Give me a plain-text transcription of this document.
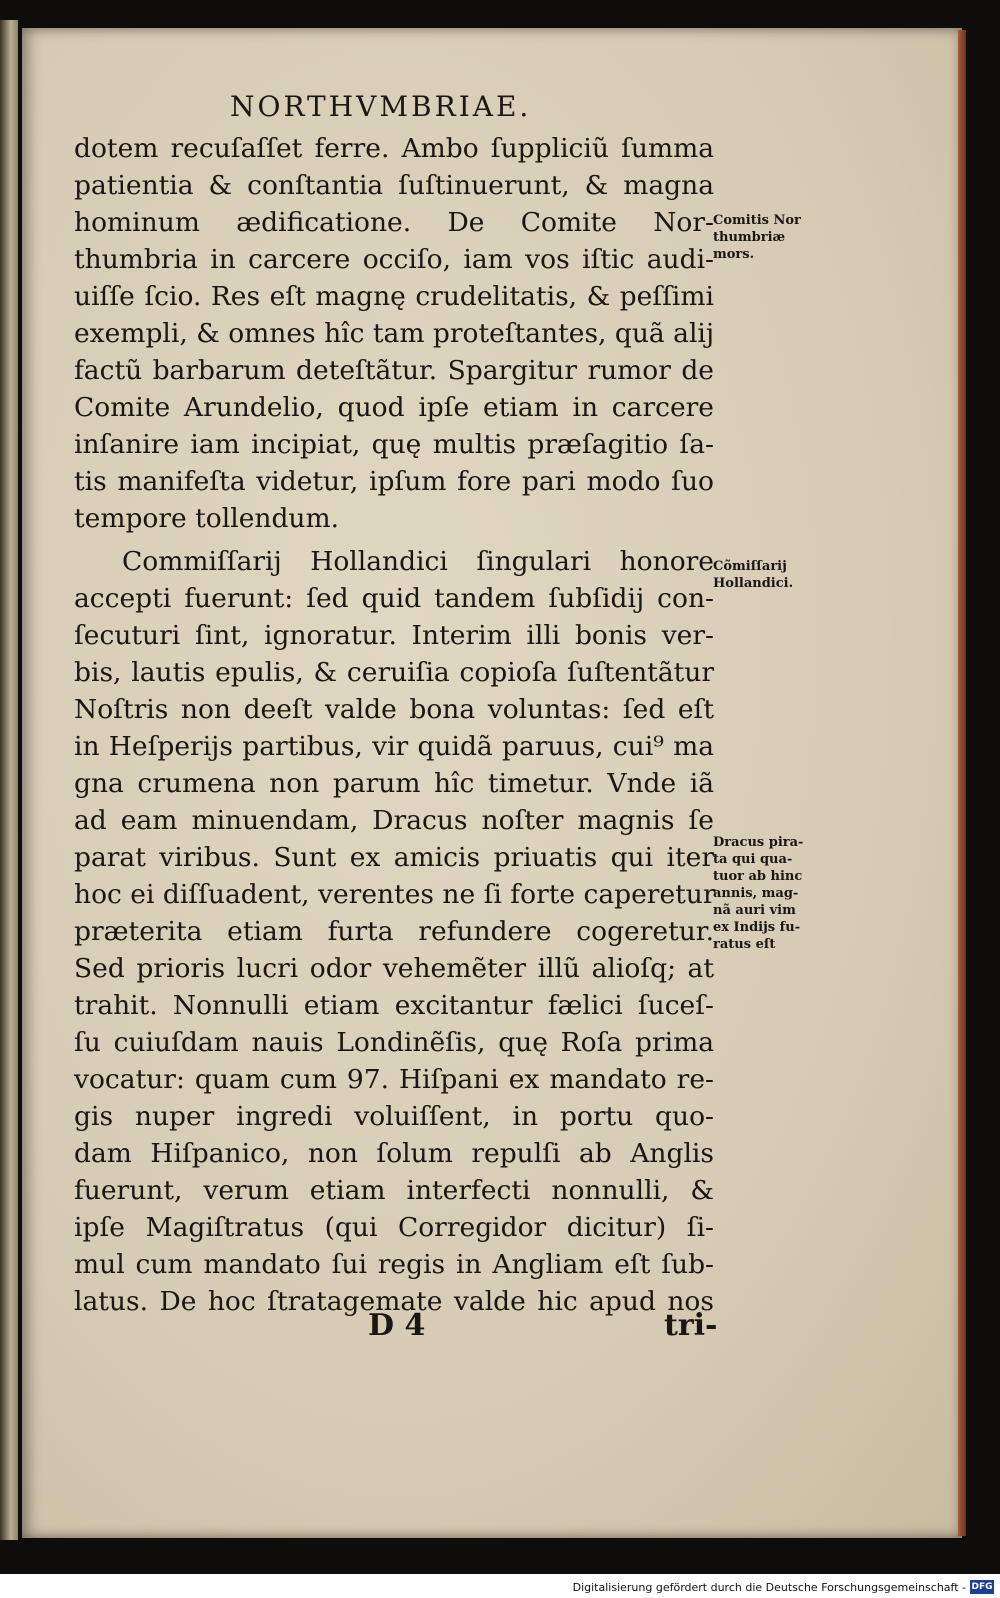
NORTHVMBRIAE.
dotem recuſaſſet ferre. Ambo ſuppliciũ ſumma
patientia & conſtantia ſuſtinuerunt, & magna
hominum ædificatione. De Comite Nor-
thumbria in carcere occiſo, iam vos iſtic audi-
uiſſe ſcio. Res eſt magnę crudelitatis, & peſſimi
exempli, & omnes hîc tam proteſtantes, quã alij
factũ barbarum deteſtãtur. Spargitur rumor de
Comite Arundelio, quod ipſe etiam in carcere
inſanire iam incipiat, quę multis præſagitio ſa-
tis manifeſta videtur, ipſum fore pari modo ſuo
tempore tollendum.
Commiſſarij Hollandici ſingulari honore
accepti fuerunt: ſed quid tandem ſubſidij con-
ſecuturi ſint, ignoratur. Interim illi bonis ver-
bis, lautis epulis, & ceruiſia copioſa ſuſtentãtur
Noſtris non deeſt valde bona voluntas: ſed eſt
in Heſperijs partibus, vir quidã paruus, cui⁹ ma
gna crumena non parum hîc timetur. Vnde iã
ad eam minuendam, Dracus noſter magnis ſe
parat viribus. Sunt ex amicis priuatis qui iter
hoc ei diſſuadent, verentes ne ſi forte caperetur
præterita etiam furta refundere cogeretur.
Sed prioris lucri odor vehemẽter illũ alioſq; at
trahit. Nonnulli etiam excitantur fælici ſuceſ-
ſu cuiuſdam nauis Londinẽſis, quę Roſa prima
vocatur: quam cum 97. Hiſpani ex mandato re-
gis nuper ingredi voluiſſent, in portu quo-
dam Hiſpanico, non ſolum repulſi ab Anglis
fuerunt, verum etiam interfecti nonnulli, &
ipſe Magiſtratus (qui Corregidor dicitur) ſi-
mul cum mandato ſui regis in Angliam eſt ſub-
latus. De hoc ſtratagemate valde hic apud nos
Comitis Nor
thumbriæ
mors.
Cõmiſſarij
Hollandici.
Dracus pira-
ta qui qua-
tuor ab hinc
annis, mag-
nã auri vim
ex Indijs fu-
ratus eſt
D 4	tri-
Digitalisierung gefördert durch die Deutsche Forschungsgemeinschaft - DFG
